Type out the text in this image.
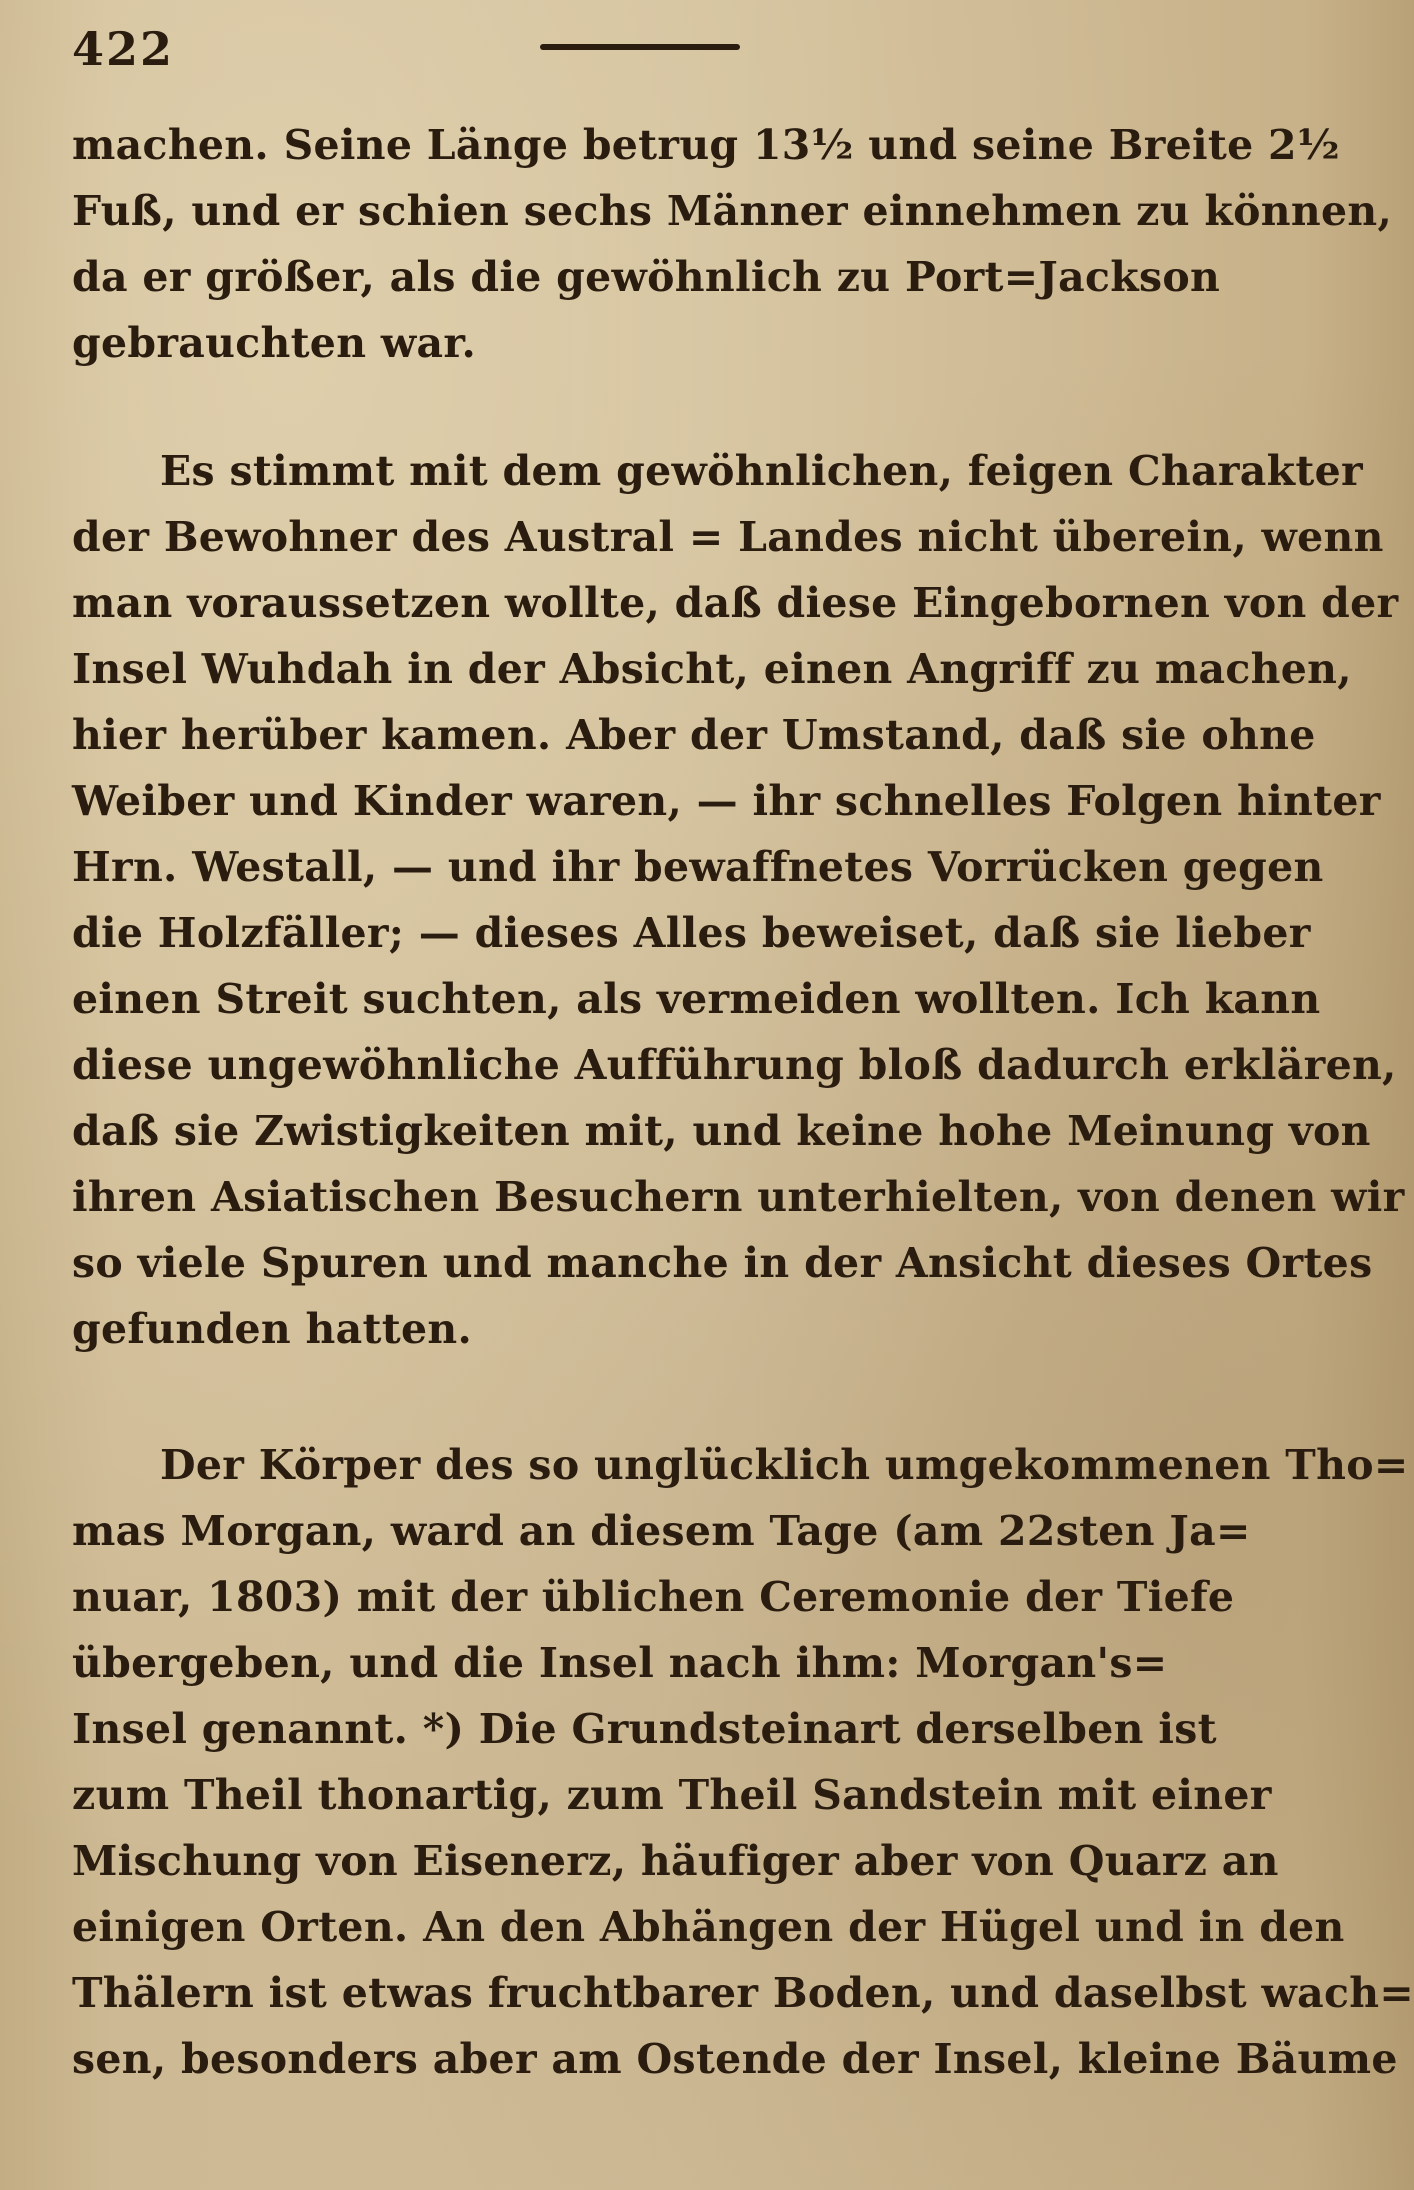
422
machen. Seine Länge betrug 13½ und seine Breite 2½
Fuß, und er schien sechs Männer einnehmen zu können,
da er größer, als die gewöhnlich zu Port=Jackson
gebrauchten war.
Es stimmt mit dem gewöhnlichen, feigen Charakter
der Bewohner des Austral = Landes nicht überein, wenn
man voraussetzen wollte, daß diese Eingebornen von der
Insel Wuhdah in der Absicht, einen Angriff zu machen,
hier herüber kamen. Aber der Umstand, daß sie ohne
Weiber und Kinder waren, — ihr schnelles Folgen hinter
Hrn. Westall, — und ihr bewaffnetes Vorrücken gegen
die Holzfäller; — dieses Alles beweiset, daß sie lieber
einen Streit suchten, als vermeiden wollten. Ich kann
diese ungewöhnliche Aufführung bloß dadurch erklären,
daß sie Zwistigkeiten mit, und keine hohe Meinung von
ihren Asiatischen Besuchern unterhielten, von denen wir
so viele Spuren und manche in der Ansicht dieses Ortes
gefunden hatten.
Der Körper des so unglücklich umgekommenen Tho=
mas Morgan, ward an diesem Tage (am 22sten Ja=
nuar, 1803) mit der üblichen Ceremonie der Tiefe
übergeben, und die Insel nach ihm: Morgan's=
Insel genannt. *) Die Grundsteinart derselben ist
zum Theil thonartig, zum Theil Sandstein mit einer
Mischung von Eisenerz, häufiger aber von Quarz an
einigen Orten. An den Abhängen der Hügel und in den
Thälern ist etwas fruchtbarer Boden, und daselbst wach=
sen, besonders aber am Ostende der Insel, kleine Bäume
